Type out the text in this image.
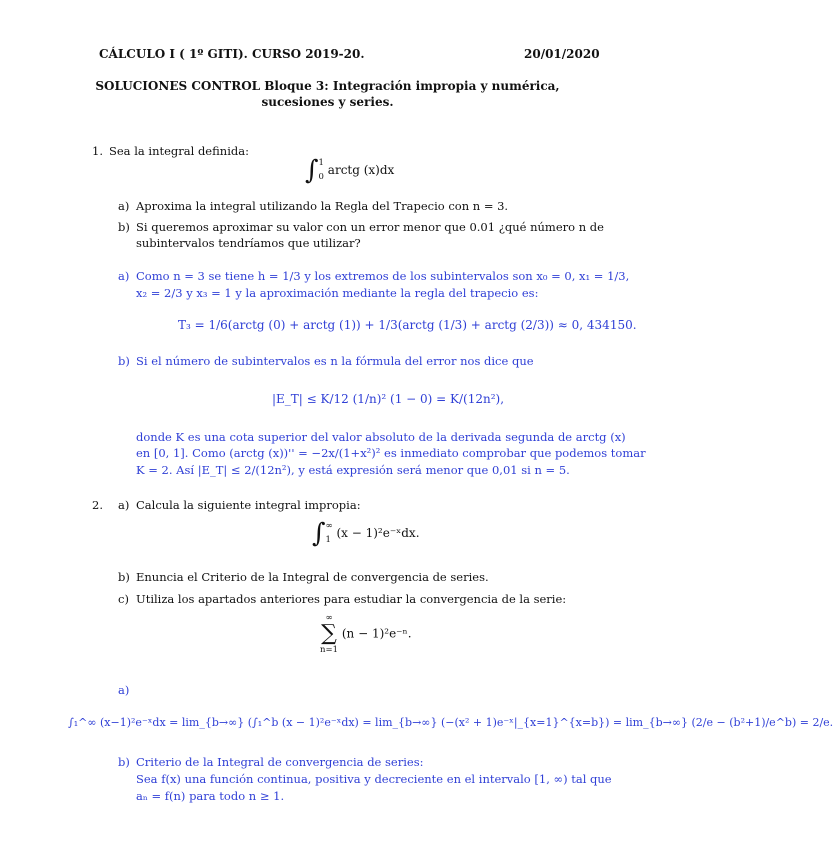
CÁLCULO I ( 1º GITI). CURSO 2019-20.	20/01/2020
SOLUCIONES CONTROL Bloque 3: Integración impropia y numérica,
sucesiones y series.
1. Sea la integral definida:
∫ 1
0 arctg (x)dx
a) Aproxima la integral utilizando la Regla del Trapecio con n = 3.
b) Si queremos aproximar su valor con un error menor que 0.01 ¿qué número n de
subintervalos tendríamos que utilizar?
a) Como n = 3 se tiene h = 1/3 y los extremos de los subintervalos son x₀ = 0, x₁ = 1/3,
x₂ = 2/3 y x₃ = 1 y la aproximación mediante la regla del trapecio es:
T₃ = 1/6(arctg (0) + arctg (1)) + 1/3(arctg (1/3) + arctg (2/3)) ≈ 0, 434150.
b) Si el número de subintervalos es n la fórmula del error nos dice que
|E_T| ≤ K/12 (1/n)² (1 − 0) = K/(12n²),
donde K es una cota superior del valor absoluto de la derivada segunda de arctg (x)
en [0, 1]. Como (arctg (x))'' = −2x/(1+x²)² es inmediato comprobar que podemos tomar
K = 2. Así |E_T| ≤ 2/(12n²), y está expresión será menor que 0,01 si n = 5.
2. a) Calcula la siguiente integral impropia:
∫ ∞
1 (x − 1)²e⁻ˣdx.
b) Enuncia el Criterio de la Integral de convergencia de series.
c) Utiliza los apartados anteriores para estudiar la convergencia de la serie:
∞
∑
n=1
(n − 1)²e⁻ⁿ.
a)
∫₁^∞ (x−1)²e⁻ˣdx = lim_{b→∞} (∫₁^b (x − 1)²e⁻ˣdx) = lim_{b→∞} (−(x² + 1)e⁻ˣ|_{x=1}^{x=b}) = lim_{b→∞} (2/e − (b²+1)/e^b) = 2/e.
b) Criterio de la Integral de convergencia de series:
Sea f(x) una función continua, positiva y decreciente en el intervalo [1, ∞) tal que
aₙ = f(n) para todo n ≥ 1.
